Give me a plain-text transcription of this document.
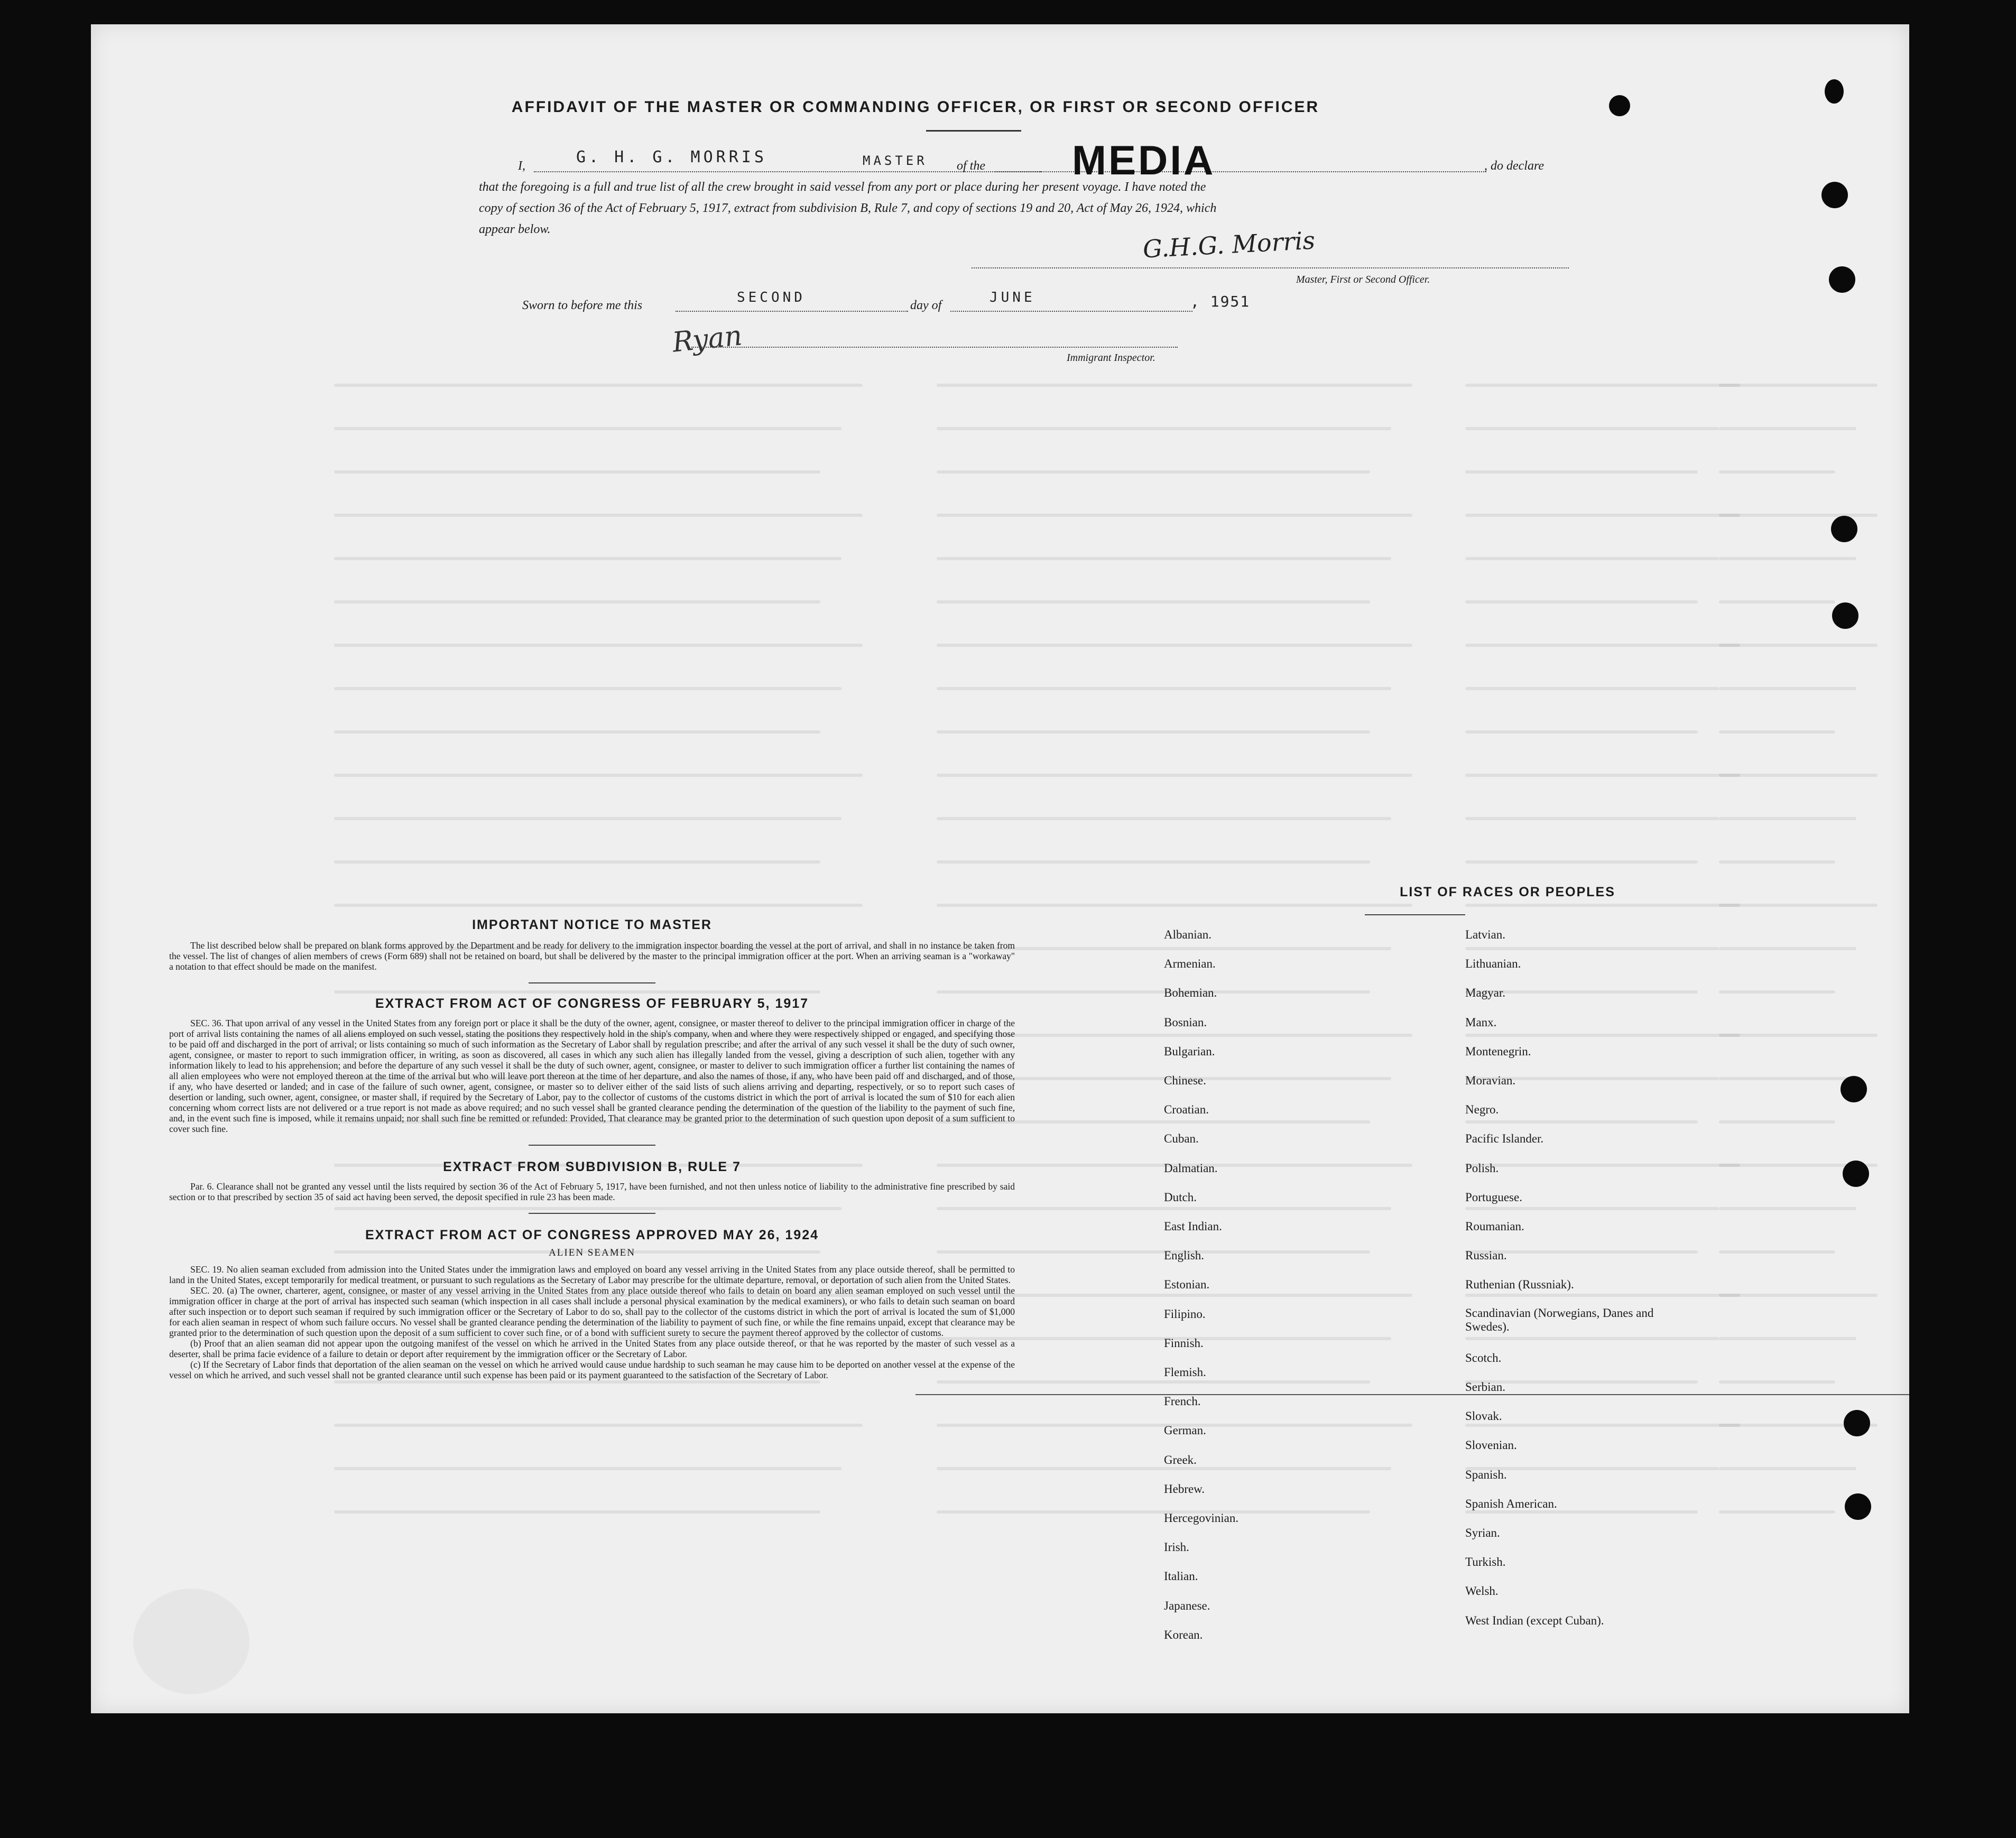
AFFIDAVIT OF THE MASTER OR COMMANDING OFFICER, OR FIRST OR SECOND OFFICER
I,	G. H. G. MORRIS	MASTER of the MEDIA	, do declare
that the foregoing is a full and true list of all the crew brought in said vessel from any port or place during her present voyage. I have noted the
copy of section 36 of the Act of February 5, 1917, extract from subdivision B, Rule 7, and copy of sections 19 and 20, Act of May 26, 1924, which
appear below.	G.H.G. Morris
Master, First or Second Officer.
Sworn to before me this	SECOND	day of	JUNE	, 1951
Ryan	Immigrant Inspector.
IMPORTANT NOTICE TO MASTER

The list described below shall be prepared on blank forms approved by the Department and be ready for delivery to the immigration inspector boarding the vessel at the port of arrival, and shall in no instance be taken from the vessel. The list of changes of alien members of crews (Form 689) shall not be retained on board, but shall be delivered by the master to the principal immigration officer at the port. When an arriving seaman is a "workaway" a notation to that effect should be made on the manifest.

EXTRACT FROM ACT OF CONGRESS OF FEBRUARY 5, 1917

SEC. 36. That upon arrival of any vessel in the United States from any foreign port or place it shall be the duty of the owner, agent, consignee, or master thereof to deliver to the principal immigration officer in charge of the port of arrival lists containing the names of all aliens employed on such vessel, stating the positions they respectively hold in the ship's company, when and where they were respectively shipped or engaged, and specifying those to be paid off and discharged in the port of arrival; or lists containing so much of such information as the Secretary of Labor shall by regulation prescribe; and after the arrival of any such vessel it shall be the duty of such owner, agent, consignee, or master to report to such immigration officer, in writing, as soon as discovered, all cases in which any such alien has illegally landed from the vessel, giving a description of such alien, together with any information likely to lead to his apprehension; and before the departure of any such vessel it shall be the duty of such owner, agent, consignee, or master to deliver to such immigration officer a further list containing the names of all alien employees who were not employed thereon at the time of the arrival but who will leave port thereon at the time of her departure, and also the names of those, if any, who have been paid off and discharged, and of those, if any, who have deserted or landed; and in case of the failure of such owner, agent, consignee, or master so to deliver either of the said lists of such aliens arriving and departing, respectively, or so to report such cases of desertion or landing, such owner, agent, consignee, or master shall, if required by the Secretary of Labor, pay to the collector of customs of the customs district in which the port of arrival is located the sum of $10 for each alien concerning whom correct lists are not delivered or a true report is not made as above required; and no such vessel shall be granted clearance pending the determination of the question of the liability to the payment of such fine, and, in the event such fine is imposed, while it remains unpaid; nor shall such fine be remitted or refunded: Provided, That clearance may be granted prior to the determination of such question upon deposit of a sum sufficient to cover such fine.

EXTRACT FROM SUBDIVISION B, RULE 7

Par. 6. Clearance shall not be granted any vessel until the lists required by section 36 of the Act of February 5, 1917, have been furnished, and not then unless notice of liability to the administrative fine prescribed by said section or to that prescribed by section 35 of said act having been served, the deposit specified in rule 23 has been made.

EXTRACT FROM ACT OF CONGRESS APPROVED MAY 26, 1924
ALIEN SEAMEN

SEC. 19. No alien seaman excluded from admission into the United States under the immigration laws and employed on board any vessel arriving in the United States from any place outside thereof, shall be permitted to land in the United States, except temporarily for medical treatment, or pursuant to such regulations as the Secretary of Labor may prescribe for the ultimate departure, removal, or deportation of such alien from the United States.

SEC. 20. (a) The owner, charterer, agent, consignee, or master of any vessel arriving in the United States from any place outside thereof who fails to detain on board any alien seaman employed on such vessel until the immigration officer in charge at the port of arrival has inspected such seaman (which inspection in all cases shall include a personal physical examination by the medical examiners), or who fails to detain such seaman on board after such inspection or to deport such seaman if required by such immigration officer or the Secretary of Labor to do so, shall pay to the collector of the customs district in which the port of arrival is located the sum of $1,000 for each alien seaman in respect of whom such failure occurs. No vessel shall be granted clearance pending the determination of the liability to payment of such fine, or while the fine remains unpaid, except that clearance may be granted prior to the determination of such question upon the deposit of a sum sufficient to cover such fine, or of a bond with sufficient surety to secure the payment thereof approved by the collector of customs.

(b) Proof that an alien seaman did not appear upon the outgoing manifest of the vessel on which he arrived in the United States from any place outside thereof, or that he was reported by the master of such vessel as a deserter, shall be prima facie evidence of a failure to detain or deport after requirement by the immigration officer or the Secretary of Labor.

(c) If the Secretary of Labor finds that deportation of the alien seaman on the vessel on which he arrived would cause undue hardship to such seaman he may cause him to be deported on another vessel at the expense of the vessel on which he arrived, and such vessel shall not be granted clearance until such expense has been paid or its payment guaranteed to the satisfaction of the Secretary of Labor.

LIST OF RACES OR PEOPLES
Albanian.
Armenian.
Bohemian.
Bosnian.
Bulgarian.
Chinese.
Croatian.
Cuban.
Dalmatian.
Dutch.
East Indian.
English.
Estonian.
Filipino.
Finnish.
Flemish.
French.
German.
Greek.
Hebrew.
Hercegovinian.
Irish.
Italian.
Japanese.
Korean.
Latvian.
Lithuanian.
Magyar.
Manx.
Montenegrin.
Moravian.
Negro.
Pacific Islander.
Polish.
Portuguese.
Roumanian.
Russian.
Ruthenian (Russniak).
Scandinavian (Norwegians, Danes and Swedes).
Scotch.
Serbian.
Slovak.
Slovenian.
Spanish.
Spanish American.
Syrian.
Turkish.
Welsh.
West Indian (except Cuban).
